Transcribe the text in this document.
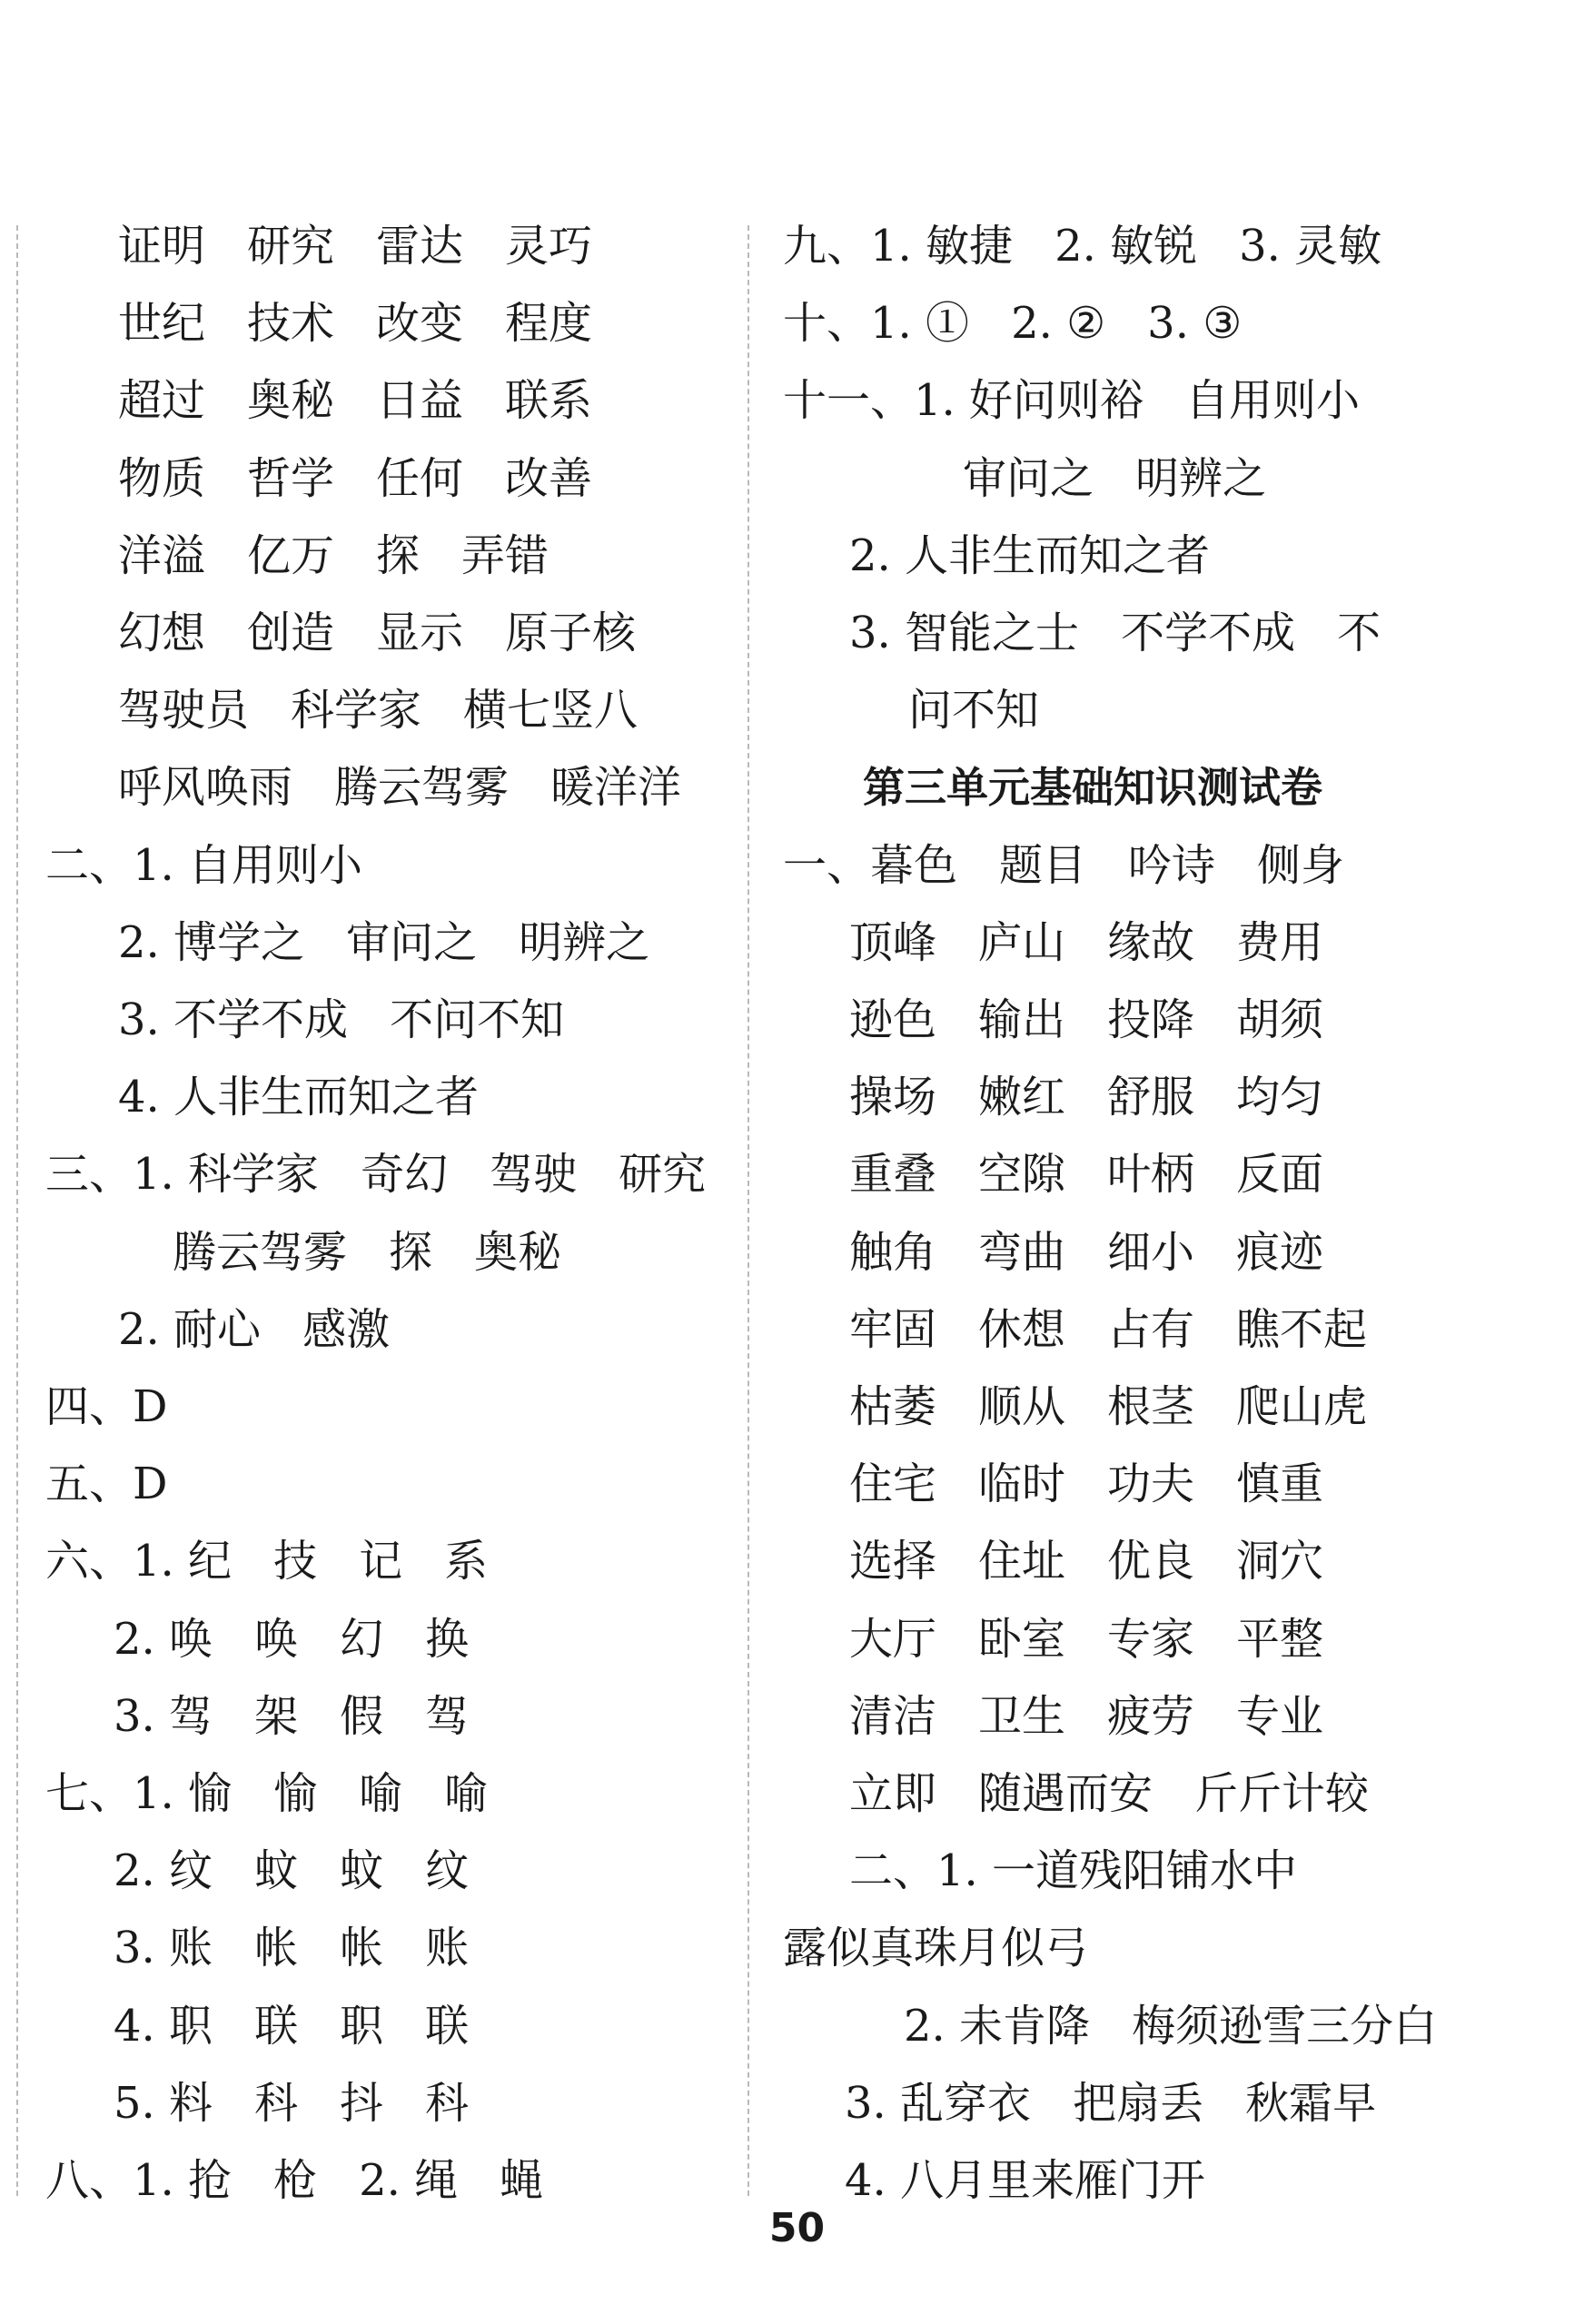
证明 研究 雷达 灵巧
世纪 技术 改变 程度
超过 奥秘 日益 联系
物质 哲学 任何 改善
洋溢 亿万 探 弄错
幻想 创造 显示 原子核
驾驶员 科学家 横七竖八
呼风唤雨 腾云驾雾 暖洋洋
二、1. 自用则小
2. 博学之 审问之 明辨之
3. 不学不成 不问不知
4. 人非生而知之者
三、1. 科学家 奇幻 驾驶 研究
腾云驾雾 探 奥秘
2. 耐心 感激
四、D
五、D
六、1. 纪 技 记 系
2. 唤 唤 幻 换
3. 驾 架 假 驾
七、1. 愉 愉 喻 喻
2. 纹 蚊 蚊 纹
3. 账 帐 帐 账
4. 职 联 职 联
5. 料 科 抖 科
八、1. 抢 枪 2. 绳 蝇
九、1. 敏捷 2. 敏锐 3. 灵敏
十、1. ① 2. ② 3. ③
十一、1. 好问则裕 自用则小
审问之 明辨之
2. 人非生而知之者
3. 智能之士 不学不成 不
问不知
第三单元基础知识测试卷
一、暮色 题目 吟诗 侧身
顶峰 庐山 缘故 费用
逊色 输出 投降 胡须
操场 嫩红 舒服 均匀
重叠 空隙 叶柄 反面
触角 弯曲 细小 痕迹
牢固 休想 占有 瞧不起
枯萎 顺从 根茎 爬山虎
住宅 临时 功夫 慎重
选择 住址 优良 洞穴
大厅 卧室 专家 平整
清洁 卫生 疲劳 专业
立即 随遇而安 斤斤计较
二、1. 一道残阳铺水中
露似真珠月似弓
2. 未肯降 梅须逊雪三分白
3. 乱穿衣 把扇丢 秋霜早
4. 八月里来雁门开
50
